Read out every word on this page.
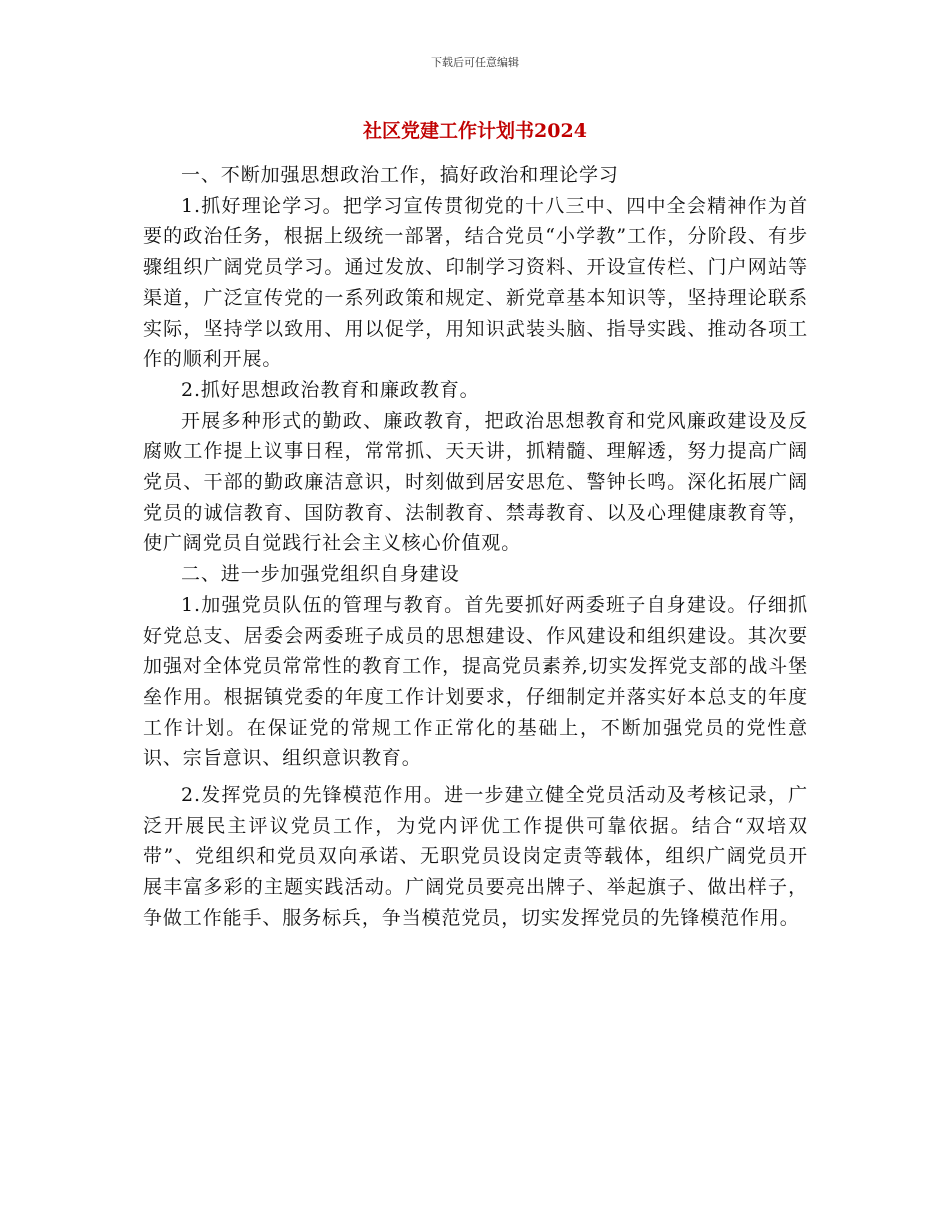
下载后可任意编辑
社区党建工作计划书2024

一、不断加强思想政治工作，搞好政治和理论学习

1.抓好理论学习。把学习宣传贯彻党的十八三中、四中全会精神作为首要的政治任务，根据上级统一部署，结合党员“小学教”工作，分阶段、有步骤组织广阔党员学习。通过发放、印制学习资料、开设宣传栏、门户网站等渠道，广泛宣传党的一系列政策和规定、新党章基本知识等，坚持理论联系实际，坚持学以致用、用以促学，用知识武装头脑、指导实践、推动各项工作的顺利开展。

2.抓好思想政治教育和廉政教育。

开展多种形式的勤政、廉政教育，把政治思想教育和党风廉政建设及反腐败工作提上议事日程，常常抓、天天讲，抓精髓、理解透，努力提高广阔党员、干部的勤政廉洁意识，时刻做到居安思危、警钟长鸣。深化拓展广阔党员的诚信教育、国防教育、法制教育、禁毒教育、以及心理健康教育等，使广阔党员自觉践行社会主义核心价值观。

二、进一步加强党组织自身建设

1.加强党员队伍的管理与教育。首先要抓好两委班子自身建设。仔细抓好党总支、居委会两委班子成员的思想建设、作风建设和组织建设。其次要加强对全体党员常常性的教育工作，提高党员素养,切实发挥党支部的战斗堡垒作用。根据镇党委的年度工作计划要求，仔细制定并落实好本总支的年度工作计划。在保证党的常规工作正常化的基础上，不断加强党员的党性意识、宗旨意识、组织意识教育。

2.发挥党员的先锋模范作用。进一步建立健全党员活动及考核记录，广泛开展民主评议党员工作，为党内评优工作提供可靠依据。结合“双培双带”、党组织和党员双向承诺、无职党员设岗定责等载体，组织广阔党员开展丰富多彩的主题实践活动。广阔党员要亮出牌子、举起旗子、做出样子，争做工作能手、服务标兵，争当模范党员，切实发挥党员的先锋模范作用。
